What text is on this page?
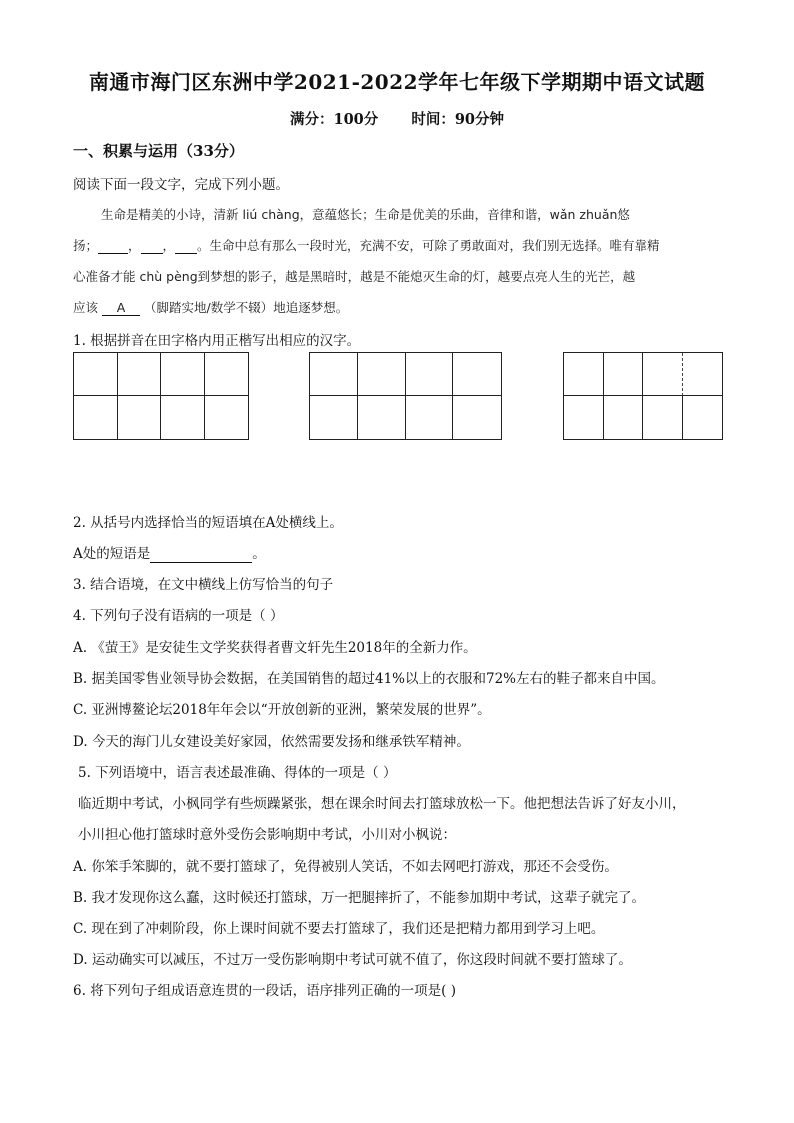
南通市海门区东洲中学2021-2022学年七年级下学期期中语文试题
满分：100分 时间：90分钟
一、积累与运用（33分）
阅读下面一段文字，完成下列小题。
生命是精美的小诗，清新 liú chàng，意蕴悠长；生命是优美的乐曲，音律和谐，wǎn zhuǎn悠
扬； ， ， 。生命中总有那么一段时光，充满不安，可除了勇敢面对，我们别无选择。唯有靠精
心准备才能 chù pèng到梦想的影子，越是黑暗时，越是不能熄灭生命的灯，越要点亮人生的光芒，越
应该 A （脚踏实地/数学不辍）地追逐梦想。
1. 根据拼音在田字格内用正楷写出相应的汉字。
2. 从括号内选择恰当的短语填在A处横线上。
A处的短语是	。
3. 结合语境，在文中横线上仿写恰当的句子
4. 下列句子没有语病的一项是（ ）
A. 《萤王》是安徒生文学奖获得者曹文轩先生2018年的全新力作。
B. 据美国零售业领导协会数据，在美国销售的超过41%以上的衣服和72%左右的鞋子都来自中国。
C. 亚洲博鳌论坛2018年年会以“开放创新的亚洲，繁荣发展的世界”。
D. 今天的海门儿女建设美好家园，依然需要发扬和继承铁军精神。
5. 下列语境中，语言表述最准确、得体的一项是（ ）
临近期中考试，小枫同学有些烦躁紧张，想在课余时间去打篮球放松一下。他把想法告诉了好友小川，
小川担心他打篮球时意外受伤会影响期中考试，小川对小枫说：
A. 你笨手笨脚的，就不要打篮球了，免得被别人笑话，不如去网吧打游戏，那还不会受伤。
B. 我才发现你这么蠢，这时候还打篮球，万一把腿摔折了，不能参加期中考试，这辈子就完了。
C. 现在到了冲刺阶段，你上课时间就不要去打篮球了，我们还是把精力都用到学习上吧。
D. 运动确实可以减压，不过万一受伤影响期中考试可就不值了，你这段时间就不要打篮球了。
6. 将下列句子组成语意连贯的一段话，语序排列正确的一项是( )
